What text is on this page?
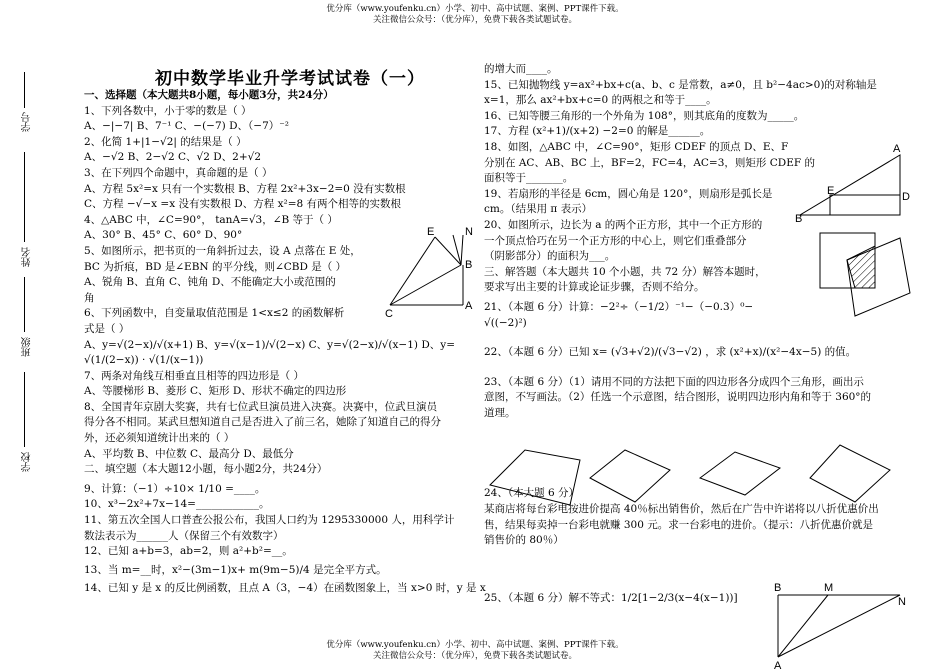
优分库（www.youfenku.cn）小学、初中、高中试题、案例、PPT课件下载。
关注微信公众号：（优分库），免费下载各类试题试卷。
初中数学毕业升学考试试卷（一）
学号
姓名
班级
学校

一、选择题（本大题共8小题，每小题3分，共24分）

1、下列各数中，小于零的数是（ ）

A、−|−7| B、7⁻¹ C、−(−7) D、（−7）⁻²

2、化简 1+|1−√2| 的结果是（ ）

A、−√2 B、2−√2 C、√2 D、2+√2

3、在下列四个命题中，真命题的是（ ）

A、方程 5x²=x 只有一个实数根 B、方程 2x²+3x−2=0 没有实数根

C、方程 −√−x =x 没有实数根 D、方程 x²=8 有两个相等的实数根

4、△ABC 中，∠C=90°， tanA=√3，∠B 等于（ ）

A、30° B、45° C、60° D、90°

5、如图所示，把书页的一角斜折过去，设 A 点落在 E 处，

BC 为折痕，BD 是∠EBN 的平分线，则∠CBD 是（ ）

A、锐角 B、直角 C、钝角 D、不能确定大小或范围的

角

6、下列函数中，自变量取值范围是 1<x≤2 的函数解析

式是（ ）

A、y=√(2−x)/√(x+1) B、y=√(x−1)/√(2−x) C、y=√(2−x)/√(x−1) D、y=

√(1/(2−x)) · √(1/(x−1))

7、两条对角线互相垂直且相等的四边形是（ ）

A、等腰梯形 B、菱形 C、矩形 D、形状不确定的四边形

8、全国青年京剧大奖赛，共有七位武旦演员进入决赛。决赛中，位武旦演员

得分各不相同。某武旦想知道自己是否进入了前三名，她除了知道自己的得分

外，还必须知道统计出来的（ ）

A、平均数 B、中位数 C、最高分 D、最低分

二、填空题（本大题12小题，每小题2分，共24分）

9、计算：（−1）÷10× 1/10 =____。

10、x³−2x²+7x−14=____________。

11、第五次全国人口普查公报公布，我国人口约为 1295330000 人，用科学计

数法表示为______人（保留三个有效数字）

12、已知 a+b=3，ab=2，则 a²+b²=__。

13、当 m=__时，x²−(3m−1)x+ m(9m−5)/4 是完全平方式。

14、已知 y 是 x 的反比例函数，且点 A（3，−4）在函数图象上，当 x>0 时，y 是 x

的增大而____。

15、已知抛物线 y=ax²+bx+c(a、b、c 是常数，a≠0，且 b²−4ac>0)的对称轴是

x=1，那么 ax²+bx+c=0 的两根之和等于____。

16、已知等腰三角形的一个外角为 108°，则其底角的度数为_____。

17、方程 (x²+1)/(x+2) −2=0 的解是______。

18、如图，△ABC 中，∠C=90°，矩形 CDEF 的顶点 D、E、F

分别在 AC、AB、BC 上，BF=2，FC=4，AC=3，则矩形 CDEF 的

面积等于_______。

19、若扇形的半径是 6cm，圆心角是 120°，则扇形是弧长是

cm。（结果用 π 表示）

20、如图所示，边长为 a 的两个正方形，其中一个正方形的

一个顶点恰巧在另一个正方形的中心上，则它们重叠部分

（阴影部分）的面积为___。

三、解答题（本大题共 10 个小题，共 72 分）解答本题时，

要求写出主要的计算或论证步骤，否则不给分。

21、（本题 6 分）计算：−2²÷（−1/2）⁻¹−（−0.3）⁰−

√((−2)²)

22、（本题 6 分）已知 x= (√3+√2)/(√3−√2) ，求 (x²+x)/(x²−4x−5) 的值。

23、（本题 6 分）（1）请用不同的方法把下面的四边形各分成四个三角形，画出示

意图，不写画法。（2）任选一个示意图，结合图形，说明四边形内角和等于 360°的

道理。

24、（本大题 6 分）

某商店将每台彩电按进价提高 40％标出销售价，然后在广告中许诺将以八折优惠价出

售，结果每卖掉一台彩电就赚 300 元。求一台彩电的进价。（提示：八折优惠价就是

销售价的 80％）

25、（本题 6 分）解不等式：1/2[1−2/3(x−4(x−1))]

E	N
B
C
A
A
E	D
B
B	M
N
A
优分库（www.youfenku.cn）小学、初中、高中试题、案例、PPT课件下载。
关注微信公众号：（优分库），免费下载各类试题试卷。
